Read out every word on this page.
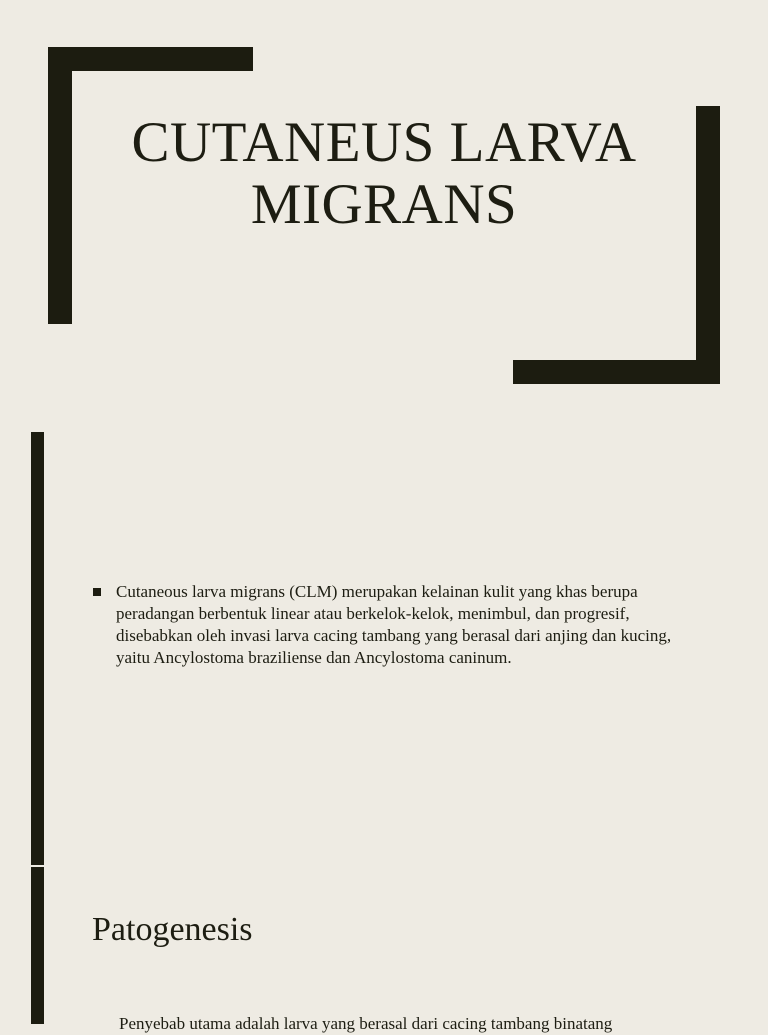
CUTANEUS LARVA
MIGRANS

Cutaneous larva migrans (CLM) merupakan kelainan kulit yang khas berupa peradangan berbentuk linear atau berkelok-kelok, menimbul, dan progresif, disebabkan oleh invasi larva cacing tambang yang berasal dari anjing dan kucing, yaitu Ancylostoma braziliense dan Ancylostoma caninum.

Patogenesis

Penyebab utama adalah larva yang berasal dari cacing tambang binatang
